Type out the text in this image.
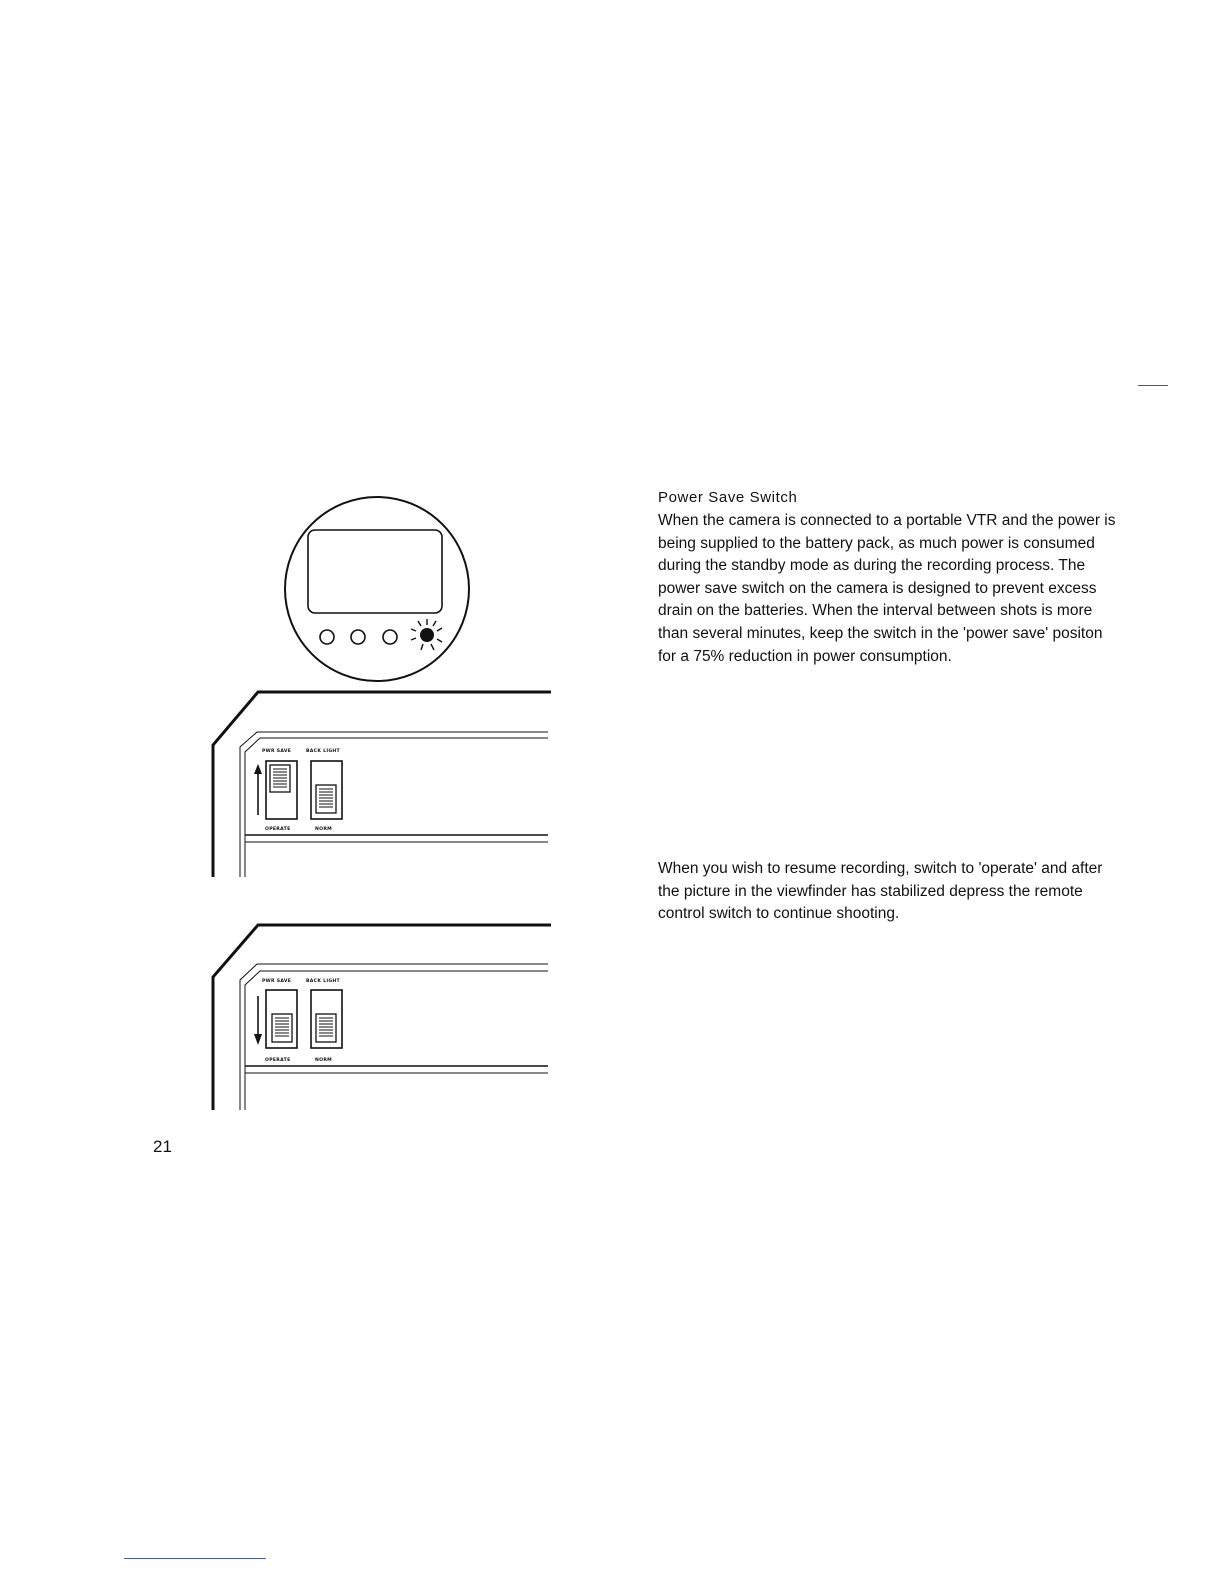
PWR SAVE	BACK LIGHT
OPERATE	NORM
PWR SAVE	BACK LIGHT
OPERATE	NORM
Power Save Switch

When the camera is connected to a portable VTR and the power is being supplied to the battery pack, as much power is consumed during the standby mode as during the recording process. The power save switch on the camera is designed to prevent excess drain on the batteries. When the interval between shots is more than several minutes, keep the switch in the 'power save' positon for a 75% reduction in power consumption.

When you wish to resume recording, switch to 'operate' and after the picture in the viewfinder has stabilized depress the remote control switch to continue shooting.

21
